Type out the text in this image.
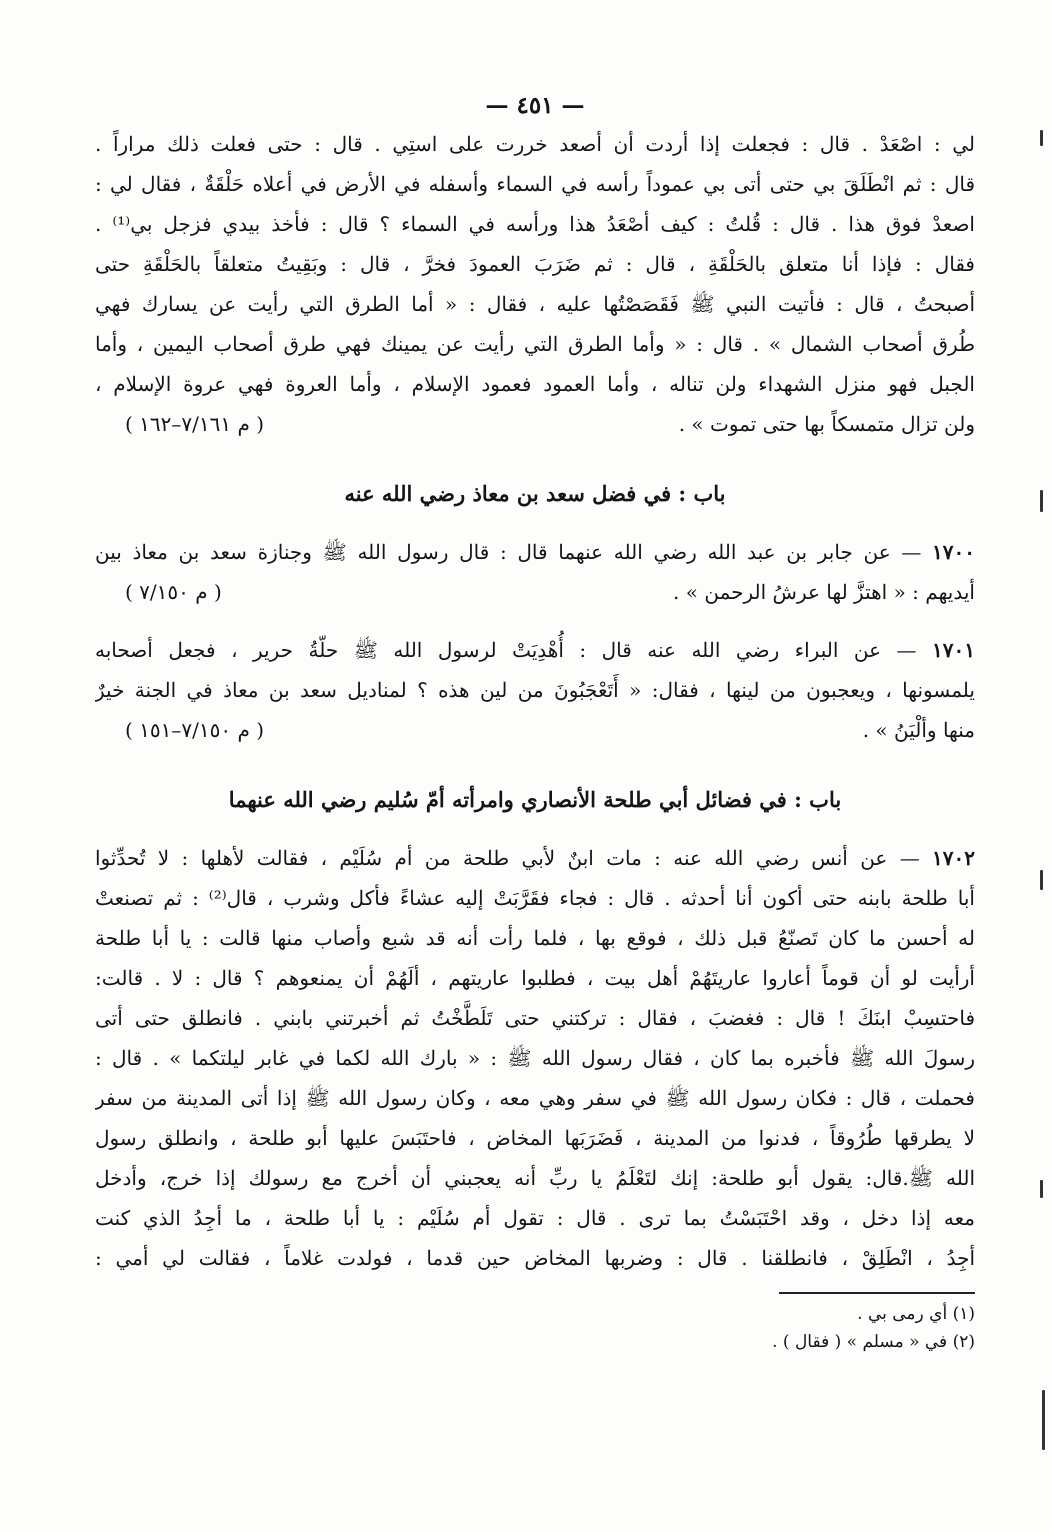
— ٤٥١ —
لي : اصْعَدْ . قال : فجعلت إذا أردت أن أصعد خررت على استِي . قال : حتى فعلت ذلك مراراً .
قال : ثم انْطَلَقَ بي حتى أتى بي عموداً رأسه في السماء وأسفله في الأرض في أعلاه حَلْقَةٌ ، فقال لي :
اصعدْ فوق هذا . قال : قُلتُ : كيف أصْعَدُ هذا ورأسه في السماء ؟ قال : فأخذ بيدي فزجل بي⁽¹⁾ .
فقال : فإذا أنا متعلق بالحَلْقَةِ ، قال : ثم ضَرَبَ العمودَ فخرَّ ، قال : وبَقِيتُ متعلقاً بالحَلْقَةِ حتى
أصبحتُ ، قال : فأتيت النبي ﷺ فَقَصَصْتُها عليه ، فقال : « أما الطرق التي رأيت عن يسارك فهي
طُرق أصحاب الشمال » . قال : « وأما الطرق التي رأيت عن يمينك فهي طرق أصحاب اليمين ، وأما
الجبل فهو منزل الشهداء ولن تناله ، وأما العمود فعمود الإسلام ، وأما العروة فهي عروة الإسلام ،
ولن تزال متمسكاً بها حتى تموت » .
( م ٧/١٦١–١٦٢ )
باب : في فضل سعد بن معاذ رضي الله عنه
١٧٠٠ — عن جابر بن عبد الله رضي الله عنهما قال : قال رسول الله ﷺ وجنازة سعد بن معاذ بين
أيديهم : « اهتزَّ لها عرشُ الرحمن » .
( م ٧/١٥٠ )
١٧٠١ — عن البراء رضي الله عنه قال : أُهْدِيَتْ لرسول الله ﷺ حلّةُ حرير ، فجعل أصحابه
يلمسونها ، ويعجبون من لينها ، فقال: « أَتَعْجَبُونَ من لين هذه ؟ لمناديل سعد بن معاذ في الجنة خيرٌ
منها وألْيَنُ » .
( م ٧/١٥٠–١٥١ )
باب : في فضائل أبي طلحة الأنصاري وامرأته أمّ سُليم رضي الله عنهما
١٧٠٢ — عن أنس رضي الله عنه : مات ابنٌ لأبي طلحة من أم سُلَيْم ، فقالت لأهلها : لا تُحدِّثوا
أبا طلحة بابنه حتى أكون أنا أحدثه . قال : فجاء فقَرَّبَتْ إليه عشاءً فأكل وشرب ، قال⁽²⁾ : ثم تصنعتْ
له أحسن ما كان تَصنّعُ قبل ذلك ، فوقع بها ، فلما رأت أنه قد شبع وأصاب منها قالت : يا أبا طلحة
أرأيت لو أن قوماً أعاروا عاريتَهُمْ أهل بيت ، فطلبوا عاريتهم ، ألَهُمْ أن يمنعوهم ؟ قال : لا . قالت:
فاحتسِبْ ابنَكَ ! قال : فغضبَ ، فقال : تركتني حتى تَلَطَّخْتُ ثم أخبرتني بابني . فانطلق حتى أتى
رسولَ الله ﷺ فأخبره بما كان ، فقال رسول الله ﷺ : « بارك الله لكما في غابر ليلتكما » . قال :
فحملت ، قال : فكان رسول الله ﷺ في سفر وهي معه ، وكان رسول الله ﷺ إذا أتى المدينة من سفر
لا يطرقها طُرُوقاً ، فدنوا من المدينة ، فَضَرَبَها المخاض ، فاحتَبَسَ عليها أبو طلحة ، وانطلق رسول
الله ﷺ.قال: يقول أبو طلحة: إنك لتَعْلَمُ يا ربِّ أنه يعجبني أن أخرج مع رسولك إذا خرج، وأدخل
معه إذا دخل ، وقد احْتَبَسْتُ بما ترى . قال : تقول أم سُلَيْم : يا أبا طلحة ، ما أجِدُ الذي كنت
أجِدُ ، انْطَلِقْ ، فانطلقنا . قال : وضربها المخاض حين قدما ، فولدت غلاماً ، فقالت لي أمي :
(١) أي رمى بي .
(٢) في « مسلم » ( فقال ) .
